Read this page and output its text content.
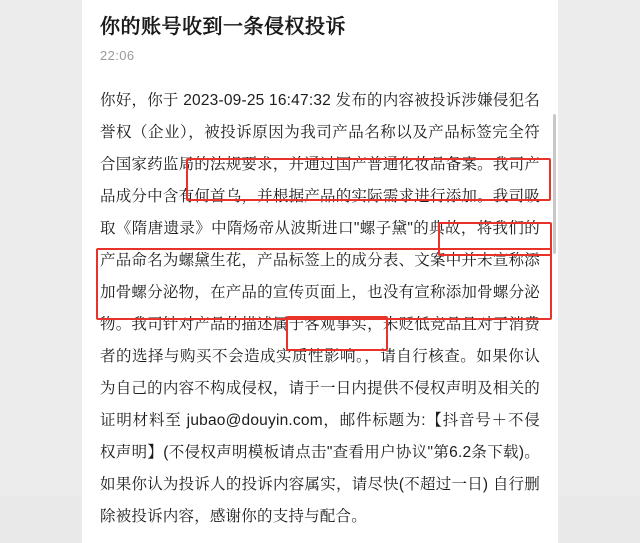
你的账号收到一条侵权投诉
22:06
你好，你于 2023-09-25 16:47:32 发布的内容被投诉涉嫌侵犯名誉权（企业），被投诉原因为我司产品名称以及产品标签完全符合国家药监局的法规要求，并通过国产普通化妆品备案。我司产品成分中含有何首乌，并根据产品的实际需求进行添加。我司吸取《隋唐遗录》中隋炀帝从波斯进口"螺子黛"的典故，将我们的产品命名为螺黛生花，产品标签上的成分表、文案中并未宣称添加骨螺分泌物，在产品的宣传页面上，也没有宣称添加骨螺分泌物。我司针对产品的描述属于客观事实，未贬低竞品且对于消费者的选择与购买不会造成实质性影响。，请自行核查。如果你认为自己的内容不构成侵权，请于一日内提供不侵权声明及相关的证明材料至 jubao@douyin.com，邮件标题为:【抖音号＋不侵权声明】(不侵权声明模板请点击"查看用户协议"第6.2条下载)。如果你认为投诉人的投诉内容属实，请尽快(不超过一日) 自行删除被投诉内容，感谢你的支持与配合。
